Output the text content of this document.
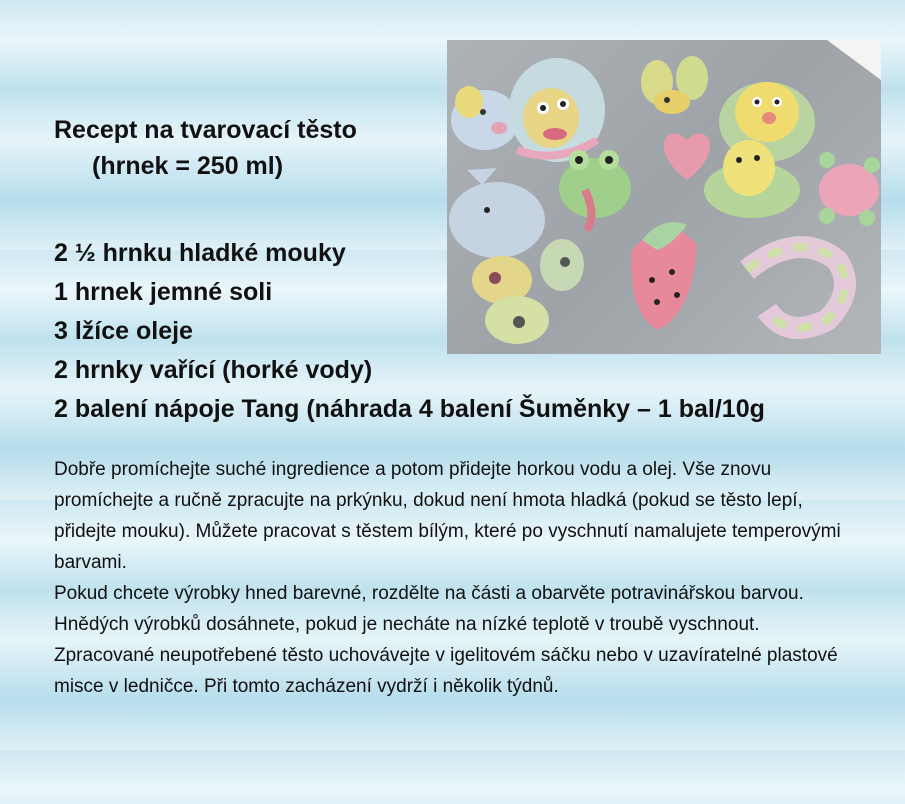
Recept na tvarovací těsto
(hrnek = 250 ml)
2 ½ hrnku hladké mouky
1 hrnek jemné soli
3 lžíce oleje
2 hrnky vařící (horké vody)
2 balení nápoje Tang (náhrada 4 balení Šuměnky – 1 bal/10g

Dobře promíchejte suché ingredience a potom přidejte horkou vodu a olej. Vše znovu promíchejte a ručně zpracujte na prkýnku, dokud není hmota hladká (pokud se těsto lepí, přidejte mouku). Můžete pracovat s těstem bílým, které po vyschnutí namalujete temperovými barvami.

Pokud chcete výrobky hned barevné, rozdělte na části a obarvěte potravinářskou barvou.

Hnědých výrobků dosáhnete, pokud je necháte na nízké teplotě v troubě vyschnout.

Zpracované neupotřebené těsto uchovávejte v igelitovém sáčku nebo v uzavíratelné plastové misce v ledničce. Při tomto zacházení vydrží i několik týdnů.
